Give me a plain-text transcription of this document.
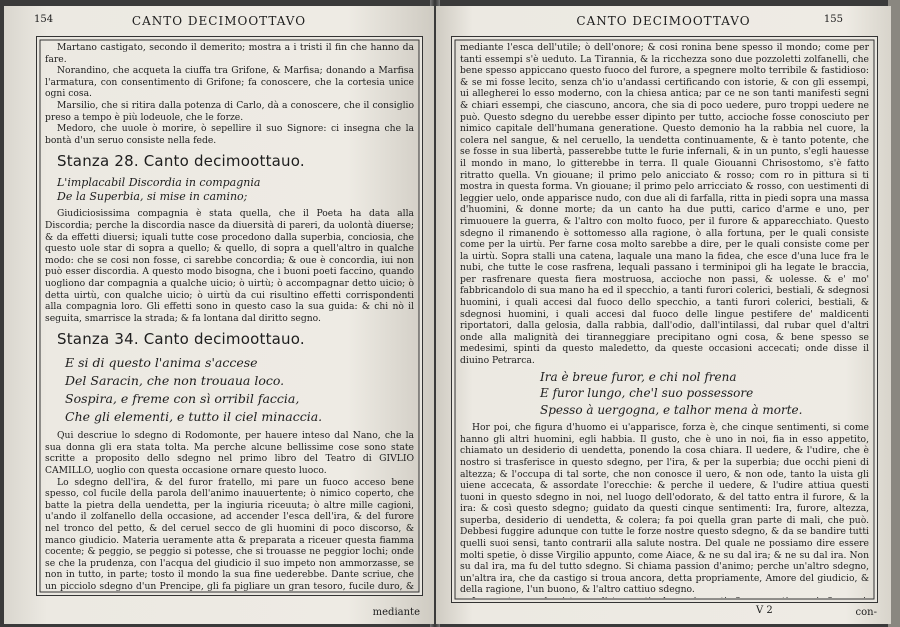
154	CANTO DECIMOOTTAVO

Martano castigato, secondo il demerito; mostra a i tristi il fin che hanno da fare.

Norandino, che acqueta la ciuffa tra Grifone, & Marfisa; donando a Marfisa l'armatura, con consentimento di Grifone; fa conoscere, che la cortesia unice ogni cosa.

Marsilio, che si ritira dalla potenza di Carlo, dà a conoscere, che il consiglio preso a tempo è più lodeuole, che le forze.

Medoro, che uuole ò morire, ò sepellire il suo Signore: ci insegna che la bontà d'un seruo consiste nella fede.

Stanza 28. Canto decimoottauo.
L'implacabil Discordia in compagnia
De la Superbia, si mise in camino;

Giudiciosissima compagnia è stata quella, che il Poeta ha data alla Discordia; perche la discordia nasce da diuersità di pareri, da uolontà diuerse; & da effetti diuersi; iquali tutte cose procedono dalla superbia, conciosia, che questo uole star di sopra a quello; & quello, di sopra a quell'altro in qualche modo: che se cosi non fosse, ci sarebbe concordia; & oue è concordia, iui non può esser discordia. A questo modo bisogna, che i buoni poeti faccino, quando uogliono dar compagnia a qualche uicio; ò uirtù; ò accompagnar detto uicio; ò detta uirtù, con qualche uicio; ò uirtù da cui risultino effetti corrispondenti alla compagnia loro. Gli effetti sono in questo caso la sua guida: & chi nò il seguita, smarrisce la strada; & fa lontana dal diritto segno.

Stanza 34. Canto decimoottauo.
E si di questo l'anima s'accese
Del Saracin, che non trouaua loco.
Sospira, e freme con sì orribil faccia,
Che gli elementi, e tutto il ciel minaccia.

Qui descriue lo sdegno di Rodomonte, per hauere inteso dal Nano, che la sua donna gli era stata tolta. Ma perche alcune bellissime cose sono state scritte a proposito dello sdegno nel primo libro del Teatro di GIVLIO CAMILLO, uoglio con questa occasione ornare questo luoco.

Lo sdegno dell'ira, & del furor fratello, mi pare un fuoco acceso bene spesso, col fucile della parola dell'animo inauuertente; ò nimico coperto, che batte la pietra della uendetta, per la ingiuria riceuuta; ò altre mille cagioni, u'ando il zolfanello della occasione, ad accender l'esca dell'ira, & del furore nel tronco del petto, & del ceruel secco de gli huomini di poco discorso, & manco giudicio. Materia ueramente atta & preparata a riceuer questa fiamma cocente; & peggio, se peggio si potesse, che si trouasse ne peggior lochi; onde se che la prudenza, con l'acqua del giudicio il suo impeto non ammorzasse, se non in tutto, in parte; tosto il mondo la sua fine uederebbe. Dante scriue, che un picciolo sdegno d'un Prencipe, gli fa pigliare un gran tesoro, fucile duro, &

mediante
CANTO DECIMOOTTAVO	155

mediante l'esca dell'utile; ò dell'onore; & cosi ronina bene spesso il mondo; come per tanti essempi s'è ueduto. La Tirannia, & la ricchezza sono due pozzoletti zolfanelli, che bene spesso appiccano questo fuoco del furore, a spegnere molto terribile & fastidioso: & se mi fosse lecito, senza ch'io u'andassi certificando con istorie, & con gli essempi, ui allegherei lo esso moderno, con la chiesa antica; par ce ne son tanti manifesti segni & chiari essempi, che ciascuno, ancora, che sia di poco uedere, puro troppi uedere ne può. Questo sdegno du uerebbe esser dipinto per tutto, accioche fosse conosciuto per nimico capitale dell'humana generatione. Questo demonio ha la rabbia nel cuore, la colera nel sangue, & nel ceruello, la uendetta continuamente, & è tanto potente, che se fosse in sua libertà, passerebbe tutte le furie infernali, & in un punto, s'egli hauesse il mondo in mano, lo gitterebbe in terra. Il quale Giouanni Chrisostomo, s'è fatto ritratto quella. Vn giouane; il primo pelo anicciato & rosso; com ro in pittura si ti mostra in questa forma. Vn giouane; il primo pelo arricciato & rosso, con uestimenti di leggier uelo, onde apparisce nudo, con due ali di farfalla, ritta in piedi sopra una massa d'huomini, & donne morte; da un canto ha due putti, carico d'arme e uno, per rimuouere la guerra, & l'altro con molto fuoco, per il furore & apparecchiato. Questo sdegno il rimanendo è sottomesso alla ragione, ò alla fortuna, per le quali consiste come per la uirtù. Per farne cosa molto sarebbe a dire, per le quali consiste come per la uirtù. Sopra stalli una catena, laquale una mano la fidea, che esce d'una luce fra le nubi, che tutte le cose rasfrena, lequali passano i terminipoi gli ha legate le braccia, per rasfrenare questa fiera mostruosa, accioche non passi, & uolesse. & e' mo' fabbricandolo di sua mano ha ed il specchio, a tanti furori colerici, bestiali, & sdegnosi huomini, i quali accesi dal fuoco dello specchio, a tanti furori colerici, bestiali, & sdegnosi huomini, i quali accesi dal fuoco delle lingue pestifere de' maldicenti riportatori, dalla gelosia, dalla rabbia, dall'odio, dall'intilassi, dal rubar quel d'altri onde alla malignità dei tiranneggiare precipitano ogni cosa, & bene spesso se medesimi, spinti da questo maledetto, da queste occasioni accecati; onde disse il diuino Petrarca.

Ira è breue furor, e chi nol frena
E furor lungo, che'l suo possessore
Spesso à uergogna, e talhor mena à morte.

Hor poi, che figura d'huomo ei u'apparisce, forza è, che cinque sentimenti, si come hanno gli altri huomini, egli habbia. Il gusto, che è uno in noi, fia in esso appetito, chiamato un desiderio di uendetta, ponendo la cosa chiara. Il uedere, & l'udire, che è nostro si trasferisce in questo sdegno, per l'ira, & per la superbia; due occhi pieni di altezza; & l'occupa di tal sorte, che non conosce il uero, & non ode, tanto la uista gli uiene accecata, & assordate l'orecchie: & perche il uedere, & l'udire attiua questi tuoni in questo sdegno in noi, nel luogo dell'odorato, & del tatto entra il furore, & la ira: & così questo sdegno; guidato da questi cinque sentimenti: Ira, furore, altezza, superba, desiderio di uendetta, & colera; fa poi quella gran parte di mali, che può. Debbesi fuggire adunque con tutte le forze nostre questo sdegno, & da se bandire tutti quelli suoi sensi, tanto contrarii alla salute nostra. Del quale ne possiamo dire essere molti spetie, ò disse Virgilio appunto, come Aiace, & ne su dal ira; & ne su dal ira. Non su dal ira, ma fu del tutto sdegno. Si chiama passion d'animo; perche un'altro sdegno, un'altra ira, che da castigo si troua ancora, detta propriamente, Amore del giudicio, & della ragione, l'un buono, & l'altro cattiuo sdegno.

V 2	con-
